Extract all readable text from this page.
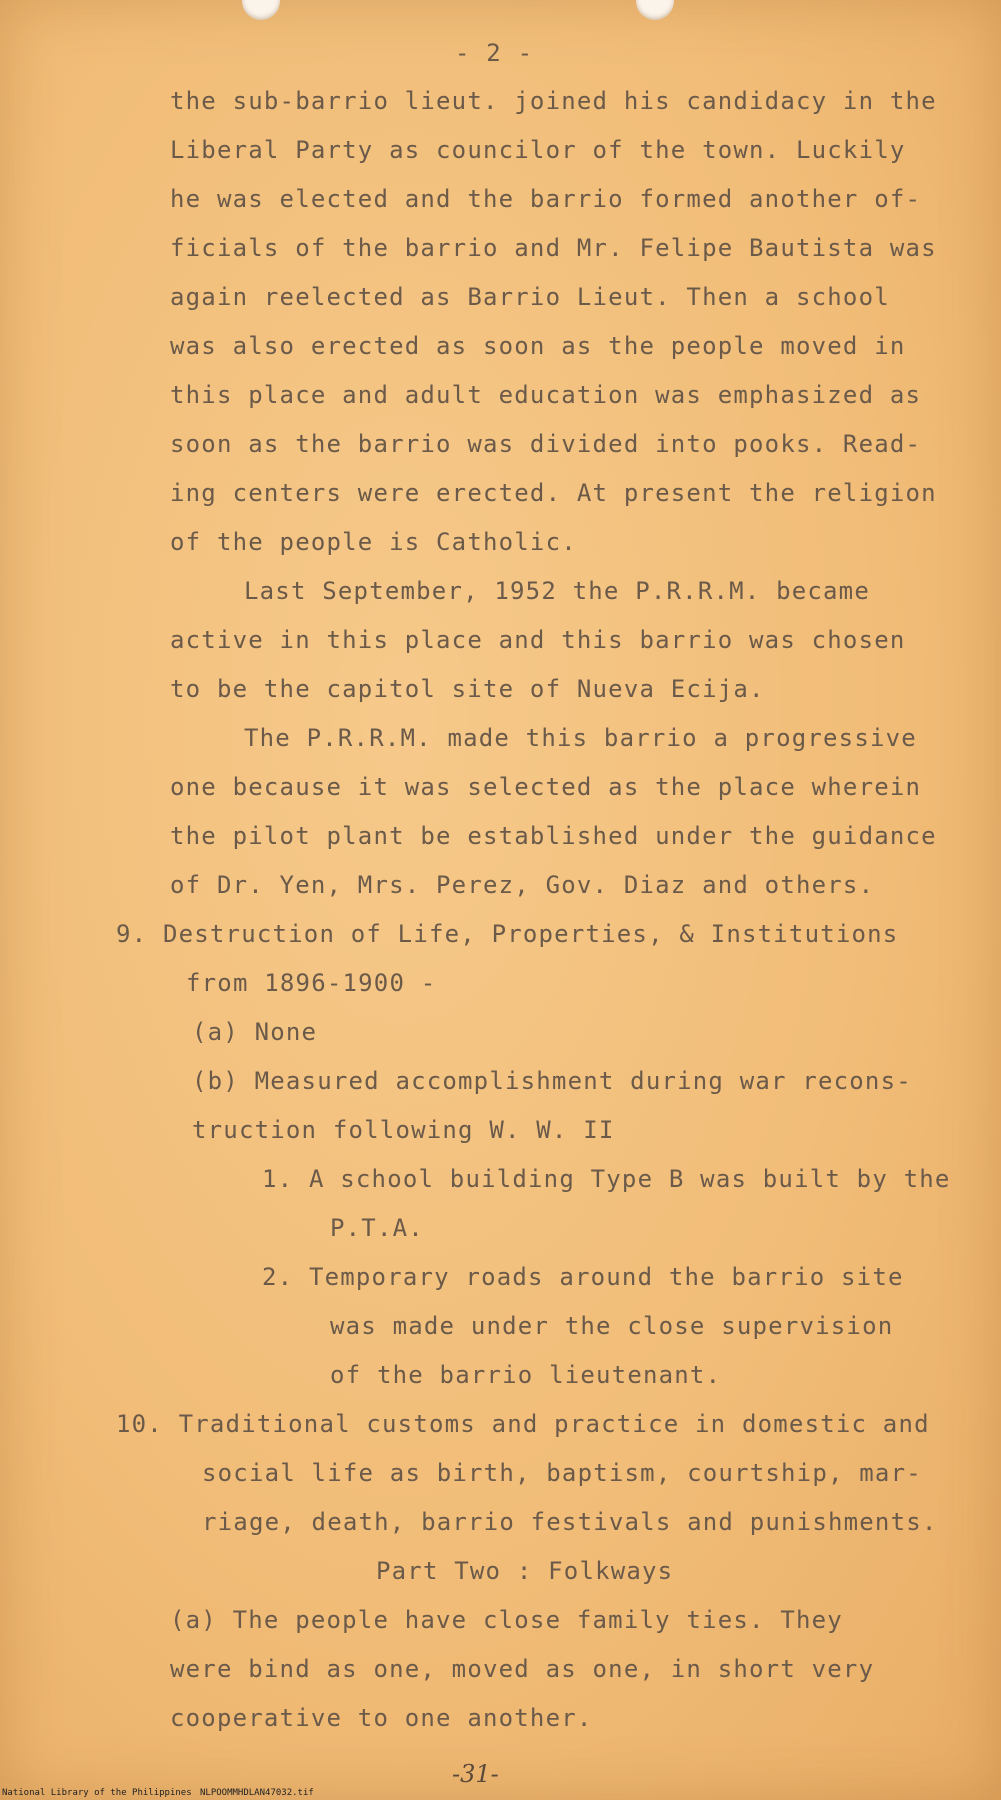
- 2 -
the sub-barrio lieut. joined his candidacy in the
Liberal Party as councilor of the town. Luckily
he was elected and the barrio formed another of-
ficials of the barrio and Mr. Felipe Bautista was
again reelected as Barrio Lieut. Then a school
was also erected as soon as the people moved in
this place and adult education was emphasized as
soon as the barrio was divided into pooks. Read-
ing centers were erected. At present the religion
of the people is Catholic.
Last September, 1952 the P.R.R.M. became
active in this place and this barrio was chosen
to be the capitol site of Nueva Ecija.
The P.R.R.M. made this barrio a progressive
one because it was selected as the place wherein
the pilot plant be established under the guidance
of Dr. Yen, Mrs. Perez, Gov. Diaz and others.
9. Destruction of Life, Properties, & Institutions
from 1896-1900 -
(a) None
(b) Measured accomplishment during war recons-
truction following W. W. II
1. A school building Type B was built by the
P.T.A.
2. Temporary roads around the barrio site
was made under the close supervision
of the barrio lieutenant.
10. Traditional customs and practice in domestic and
social life as birth, baptism, courtship, mar-
riage, death, barrio festivals and punishments.
Part Two : Folkways
(a) The people have close family ties. They
were bind as one, moved as one, in short very
cooperative to one another.
-31-
National Library of the Philippines NLPOOMMHDLAN47032.tif
